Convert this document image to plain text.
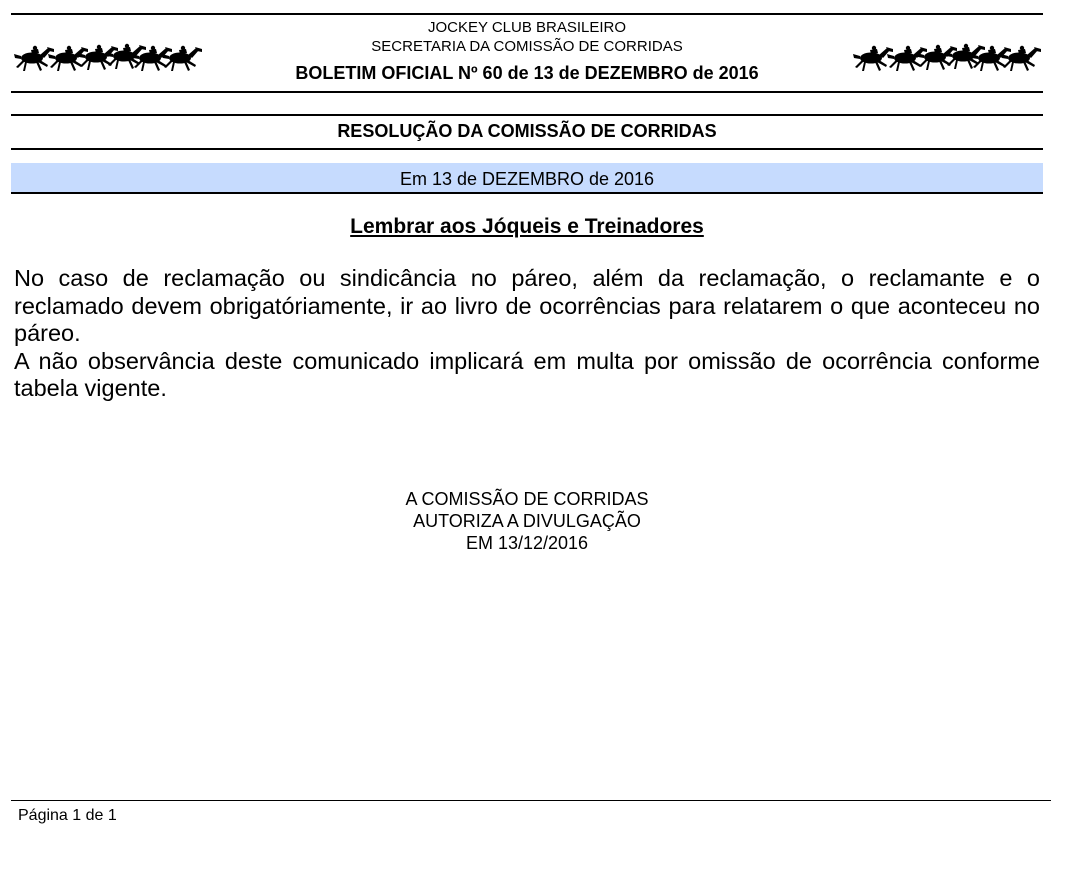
JOCKEY CLUB BRASILEIRO
SECRETARIA DA COMISSÃO DE CORRIDAS
BOLETIM OFICIAL Nº 60 de 13 de DEZEMBRO de 2016
RESOLUÇÃO DA COMISSÃO DE CORRIDAS
Em 13 de DEZEMBRO de 2016
Lembrar aos Jóqueis e Treinadores

No caso de reclamação ou sindicância no páreo, além da reclamação, o reclamante e o reclamado devem obrigatóriamente, ir ao livro de ocorrências para relatarem o que aconteceu no páreo.

A não observância deste comunicado implicará em multa por omissão de ocorrência conforme tabela vigente.

A COMISSÃO DE CORRIDAS
AUTORIZA A DIVULGAÇÃO
EM 13/12/2016
Página 1 de 1
